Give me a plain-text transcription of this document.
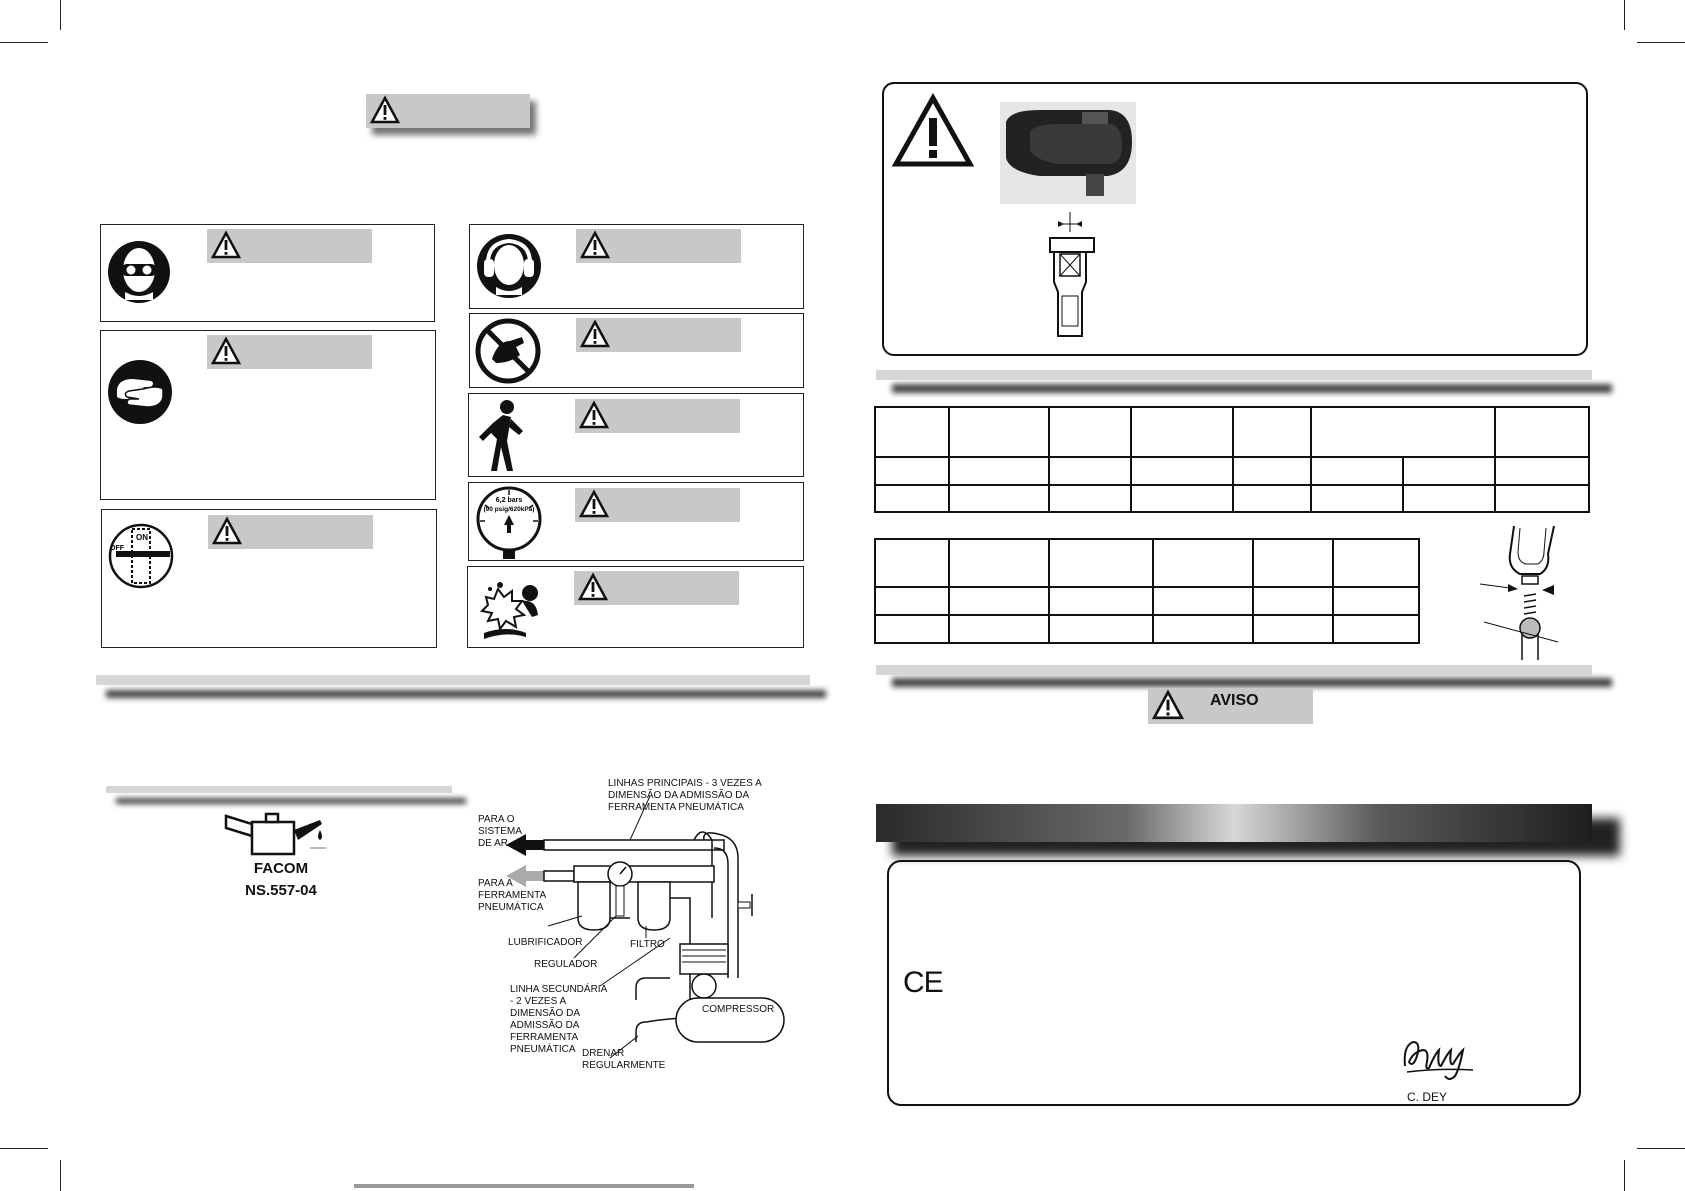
ON
OFF
6,2 bars
(90 psig/620kPa)
FACOM NS.557-04
LINHAS PRINCIPAIS - 3 VEZES A DIMENSÃO DA ADMISSÃO DA FERRAMENTA PNEUMÁTICA
PARA O SISTEMA DE AR
PARA A FERRAMENTA PNEUMÁTICA
LUBRIFICADOR
REGULADOR
FILTRO
LINHA SECUNDÁRIA - 2 VEZES A DIMENSÃO DA ADMISSÃO DA FERRAMENTA PNEUMÁTICA
COMPRESSOR
DRENAR REGULARMENTE

AVISO
CE
C. DEY
